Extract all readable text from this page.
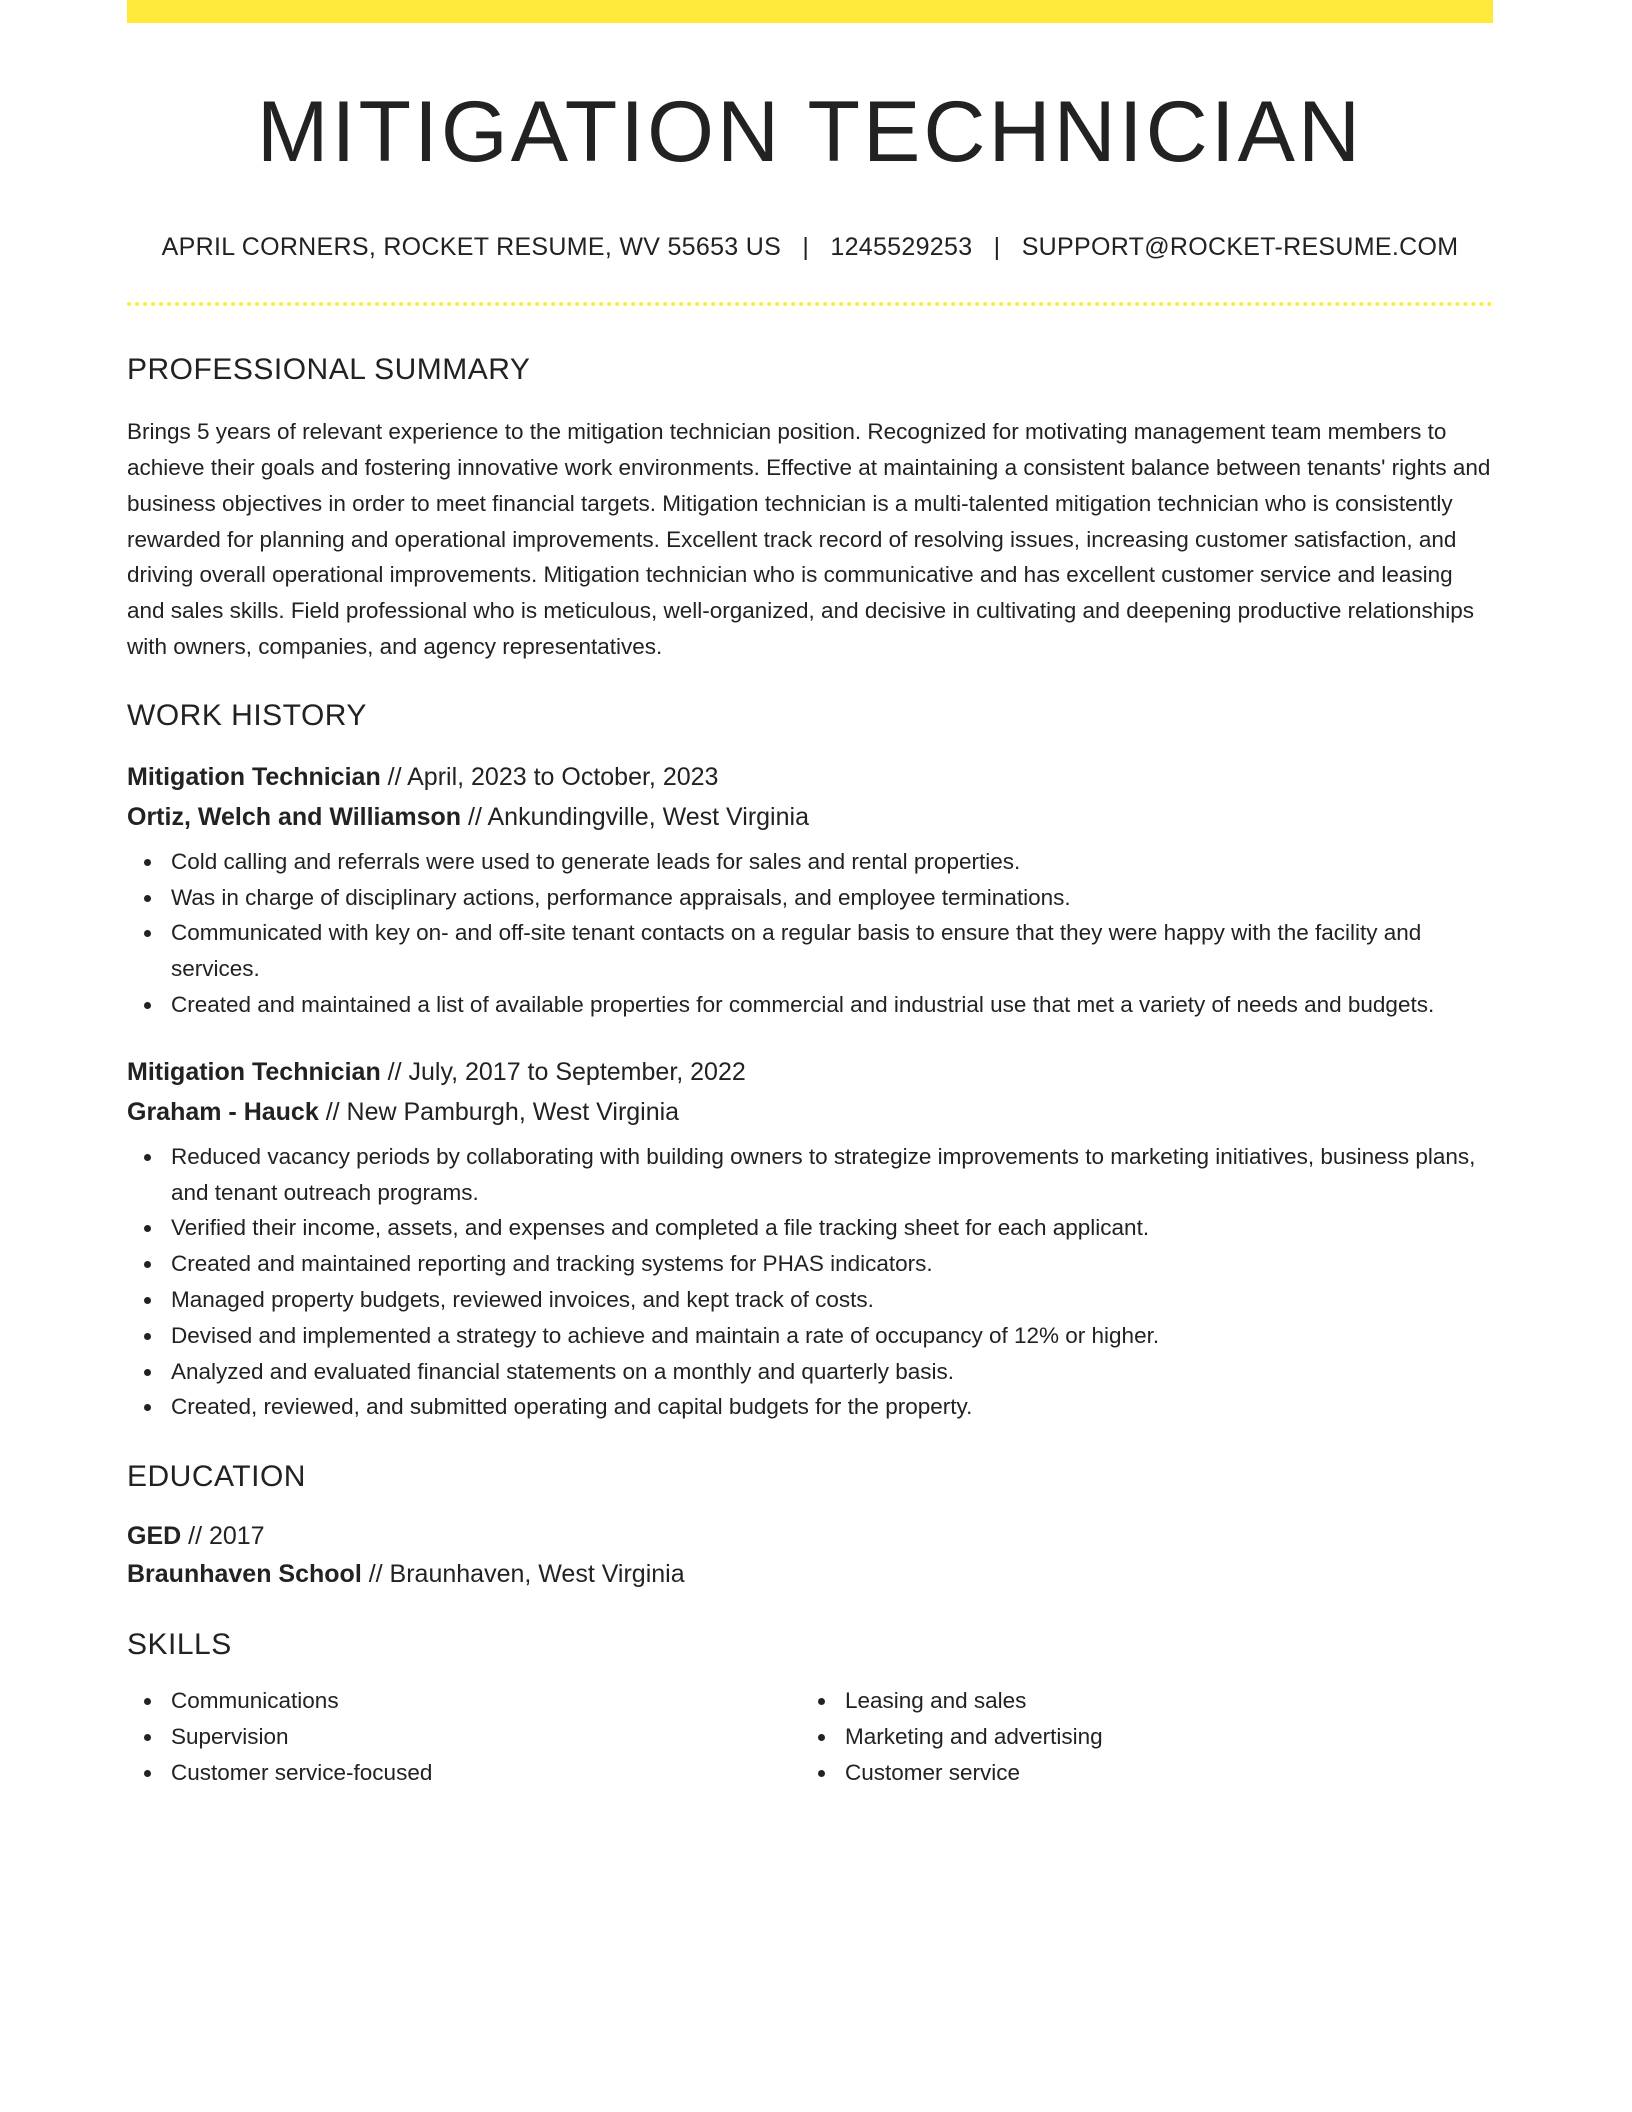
MITIGATION TECHNICIAN
APRIL CORNERS, ROCKET RESUME, WV 55653 US | 1245529253 | SUPPORT@ROCKET-RESUME.COM
PROFESSIONAL SUMMARY

Brings 5 years of relevant experience to the mitigation technician position. Recognized for motivating management team members to achieve their goals and fostering innovative work environments. Effective at maintaining a consistent balance between tenants' rights and business objectives in order to meet financial targets. Mitigation technician is a multi-talented mitigation technician who is consistently rewarded for planning and operational improvements. Excellent track record of resolving issues, increasing customer satisfaction, and driving overall operational improvements. Mitigation technician who is communicative and has excellent customer service and leasing and sales skills. Field professional who is meticulous, well-organized, and decisive in cultivating and deepening productive relationships with owners, companies, and agency representatives.

WORK HISTORY
Mitigation Technician // April, 2023 to October, 2023
Ortiz, Welch and Williamson // Ankundingville, West Virginia
Cold calling and referrals were used to generate leads for sales and rental properties.
Was in charge of disciplinary actions, performance appraisals, and employee terminations.
Communicated with key on- and off-site tenant contacts on a regular basis to ensure that they were happy with the facility and services.
Created and maintained a list of available properties for commercial and industrial use that met a variety of needs and budgets.
Mitigation Technician // July, 2017 to September, 2022
Graham - Hauck // New Pamburgh, West Virginia
Reduced vacancy periods by collaborating with building owners to strategize improvements to marketing initiatives, business plans, and tenant outreach programs.
Verified their income, assets, and expenses and completed a file tracking sheet for each applicant.
Created and maintained reporting and tracking systems for PHAS indicators.
Managed property budgets, reviewed invoices, and kept track of costs.
Devised and implemented a strategy to achieve and maintain a rate of occupancy of 12% or higher.
Analyzed and evaluated financial statements on a monthly and quarterly basis.
Created, reviewed, and submitted operating and capital budgets for the property.
EDUCATION
GED // 2017
Braunhaven School // Braunhaven, West Virginia
SKILLS
Communications
Supervision
Customer service-focused
Leasing and sales
Marketing and advertising
Customer service
